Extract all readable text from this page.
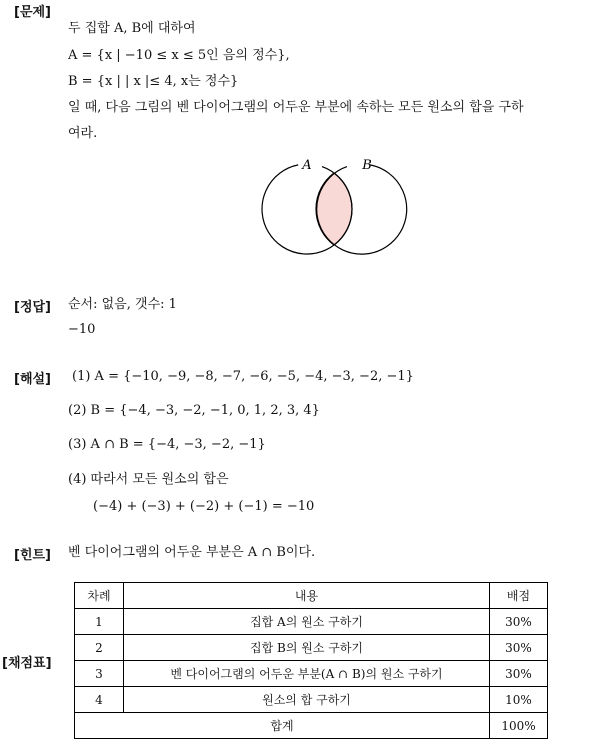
[문제]
두 집합 A, B에 대하여
A = {x | −10 ≤ x ≤ 5인 음의 정수},
B = {x | | x |≤ 4, x는 정수}
일 때, 다음 그림의 벤 다이어그램의 어두운 부분에 속하는 모든 원소의 합을 구하
여라.
A	B
[정답] 순서: 없음, 갯수: 1
−10
[해설] (1) A = {−10, −9, −8, −7, −6, −5, −4, −3, −2, −1}
(2) B = {−4, −3, −2, −1, 0, 1, 2, 3, 4}
(3) A ∩ B = {−4, −3, −2, −1}
(4) 따라서 모든 원소의 합은
(−4) + (−3) + (−2) + (−1) = −10
[힌트] 벤 다이어그램의 어두운 부분은 A ∩ B이다.
[채점표]
차례	내용	배점
1	집합 A의 원소 구하기	30%
2	집합 B의 원소 구하기	30%
3	벤 다이어그램의 어두운 부분(A ∩ B)의 원소 구하기	30%
4	원소의 합 구하기	10%
합계		100%
